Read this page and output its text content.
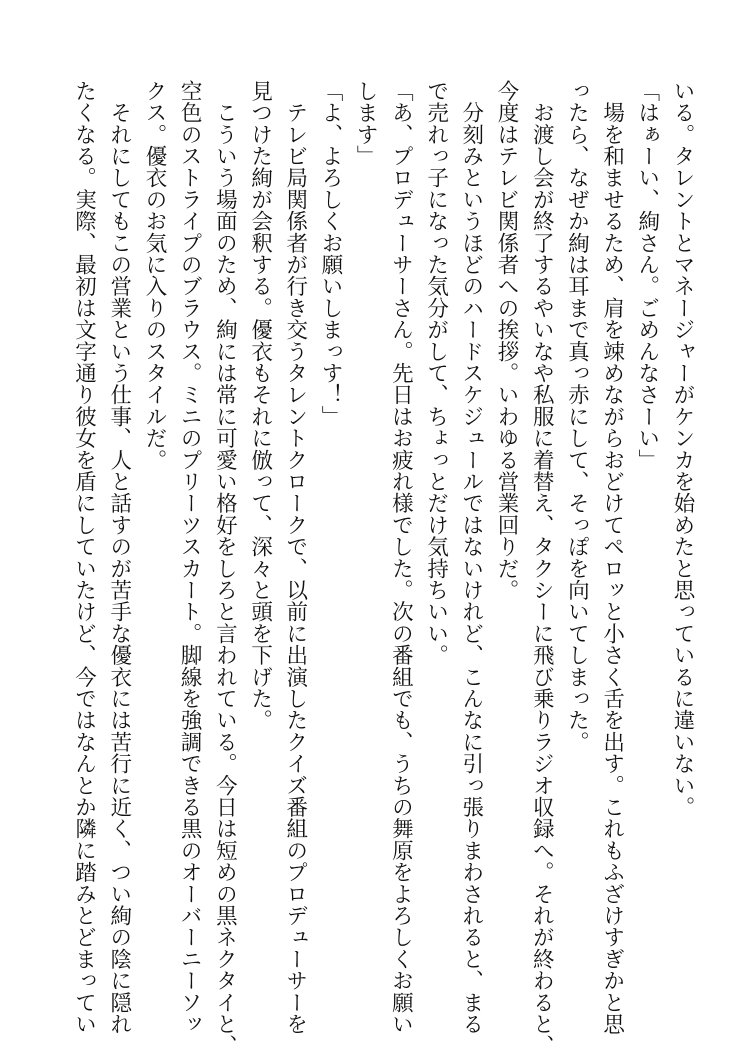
いる。タレントとマネージャーがケンカを始めたと思っているに違いない。
「はぁーい、絢さん。ごめんなさーい」
　場を和ませるため、肩を竦めながらおどけてペロッと小さく舌を出す。これもふざけすぎかと思
ったら、なぜか絢は耳まで真っ赤にして、そっぽを向いてしまった。
　お渡し会が終了するやいなや私服に着替え、タクシーに飛び乗りラジオ収録へ。それが終わると、
今度はテレビ関係者への挨拶。いわゆる営業回りだ。
　分刻みというほどのハードスケジュールではないけれど、こんなに引っ張りまわされると、まる
で売れっ子になった気分がして、ちょっとだけ気持ちいい。
「あ、プロデューサーさん。先日はお疲れ様でした。次の番組でも、うちの舞原をよろしくお願い
します」
「よ、よろしくお願いしまっす！」
　テレビ局関係者が行き交うタレントクロークで、以前に出演したクイズ番組のプロデューサーを
見つけた絢が会釈する。優衣もそれに倣って、深々と頭を下げた。
　こういう場面のため、絢には常に可愛い格好をしろと言われている。今日は短めの黒ネクタイと、
空色のストライプのブラウス。ミニのプリーツスカート。脚線を強調できる黒のオーバーニーソッ
クス。優衣のお気に入りのスタイルだ。
　それにしてもこの営業という仕事、人と話すのが苦手な優衣には苦行に近く、つい絢の陰に隠れ
たくなる。実際、最初は文字通り彼女を盾にしていたけど、今ではなんとか隣に踏みとどまってい
